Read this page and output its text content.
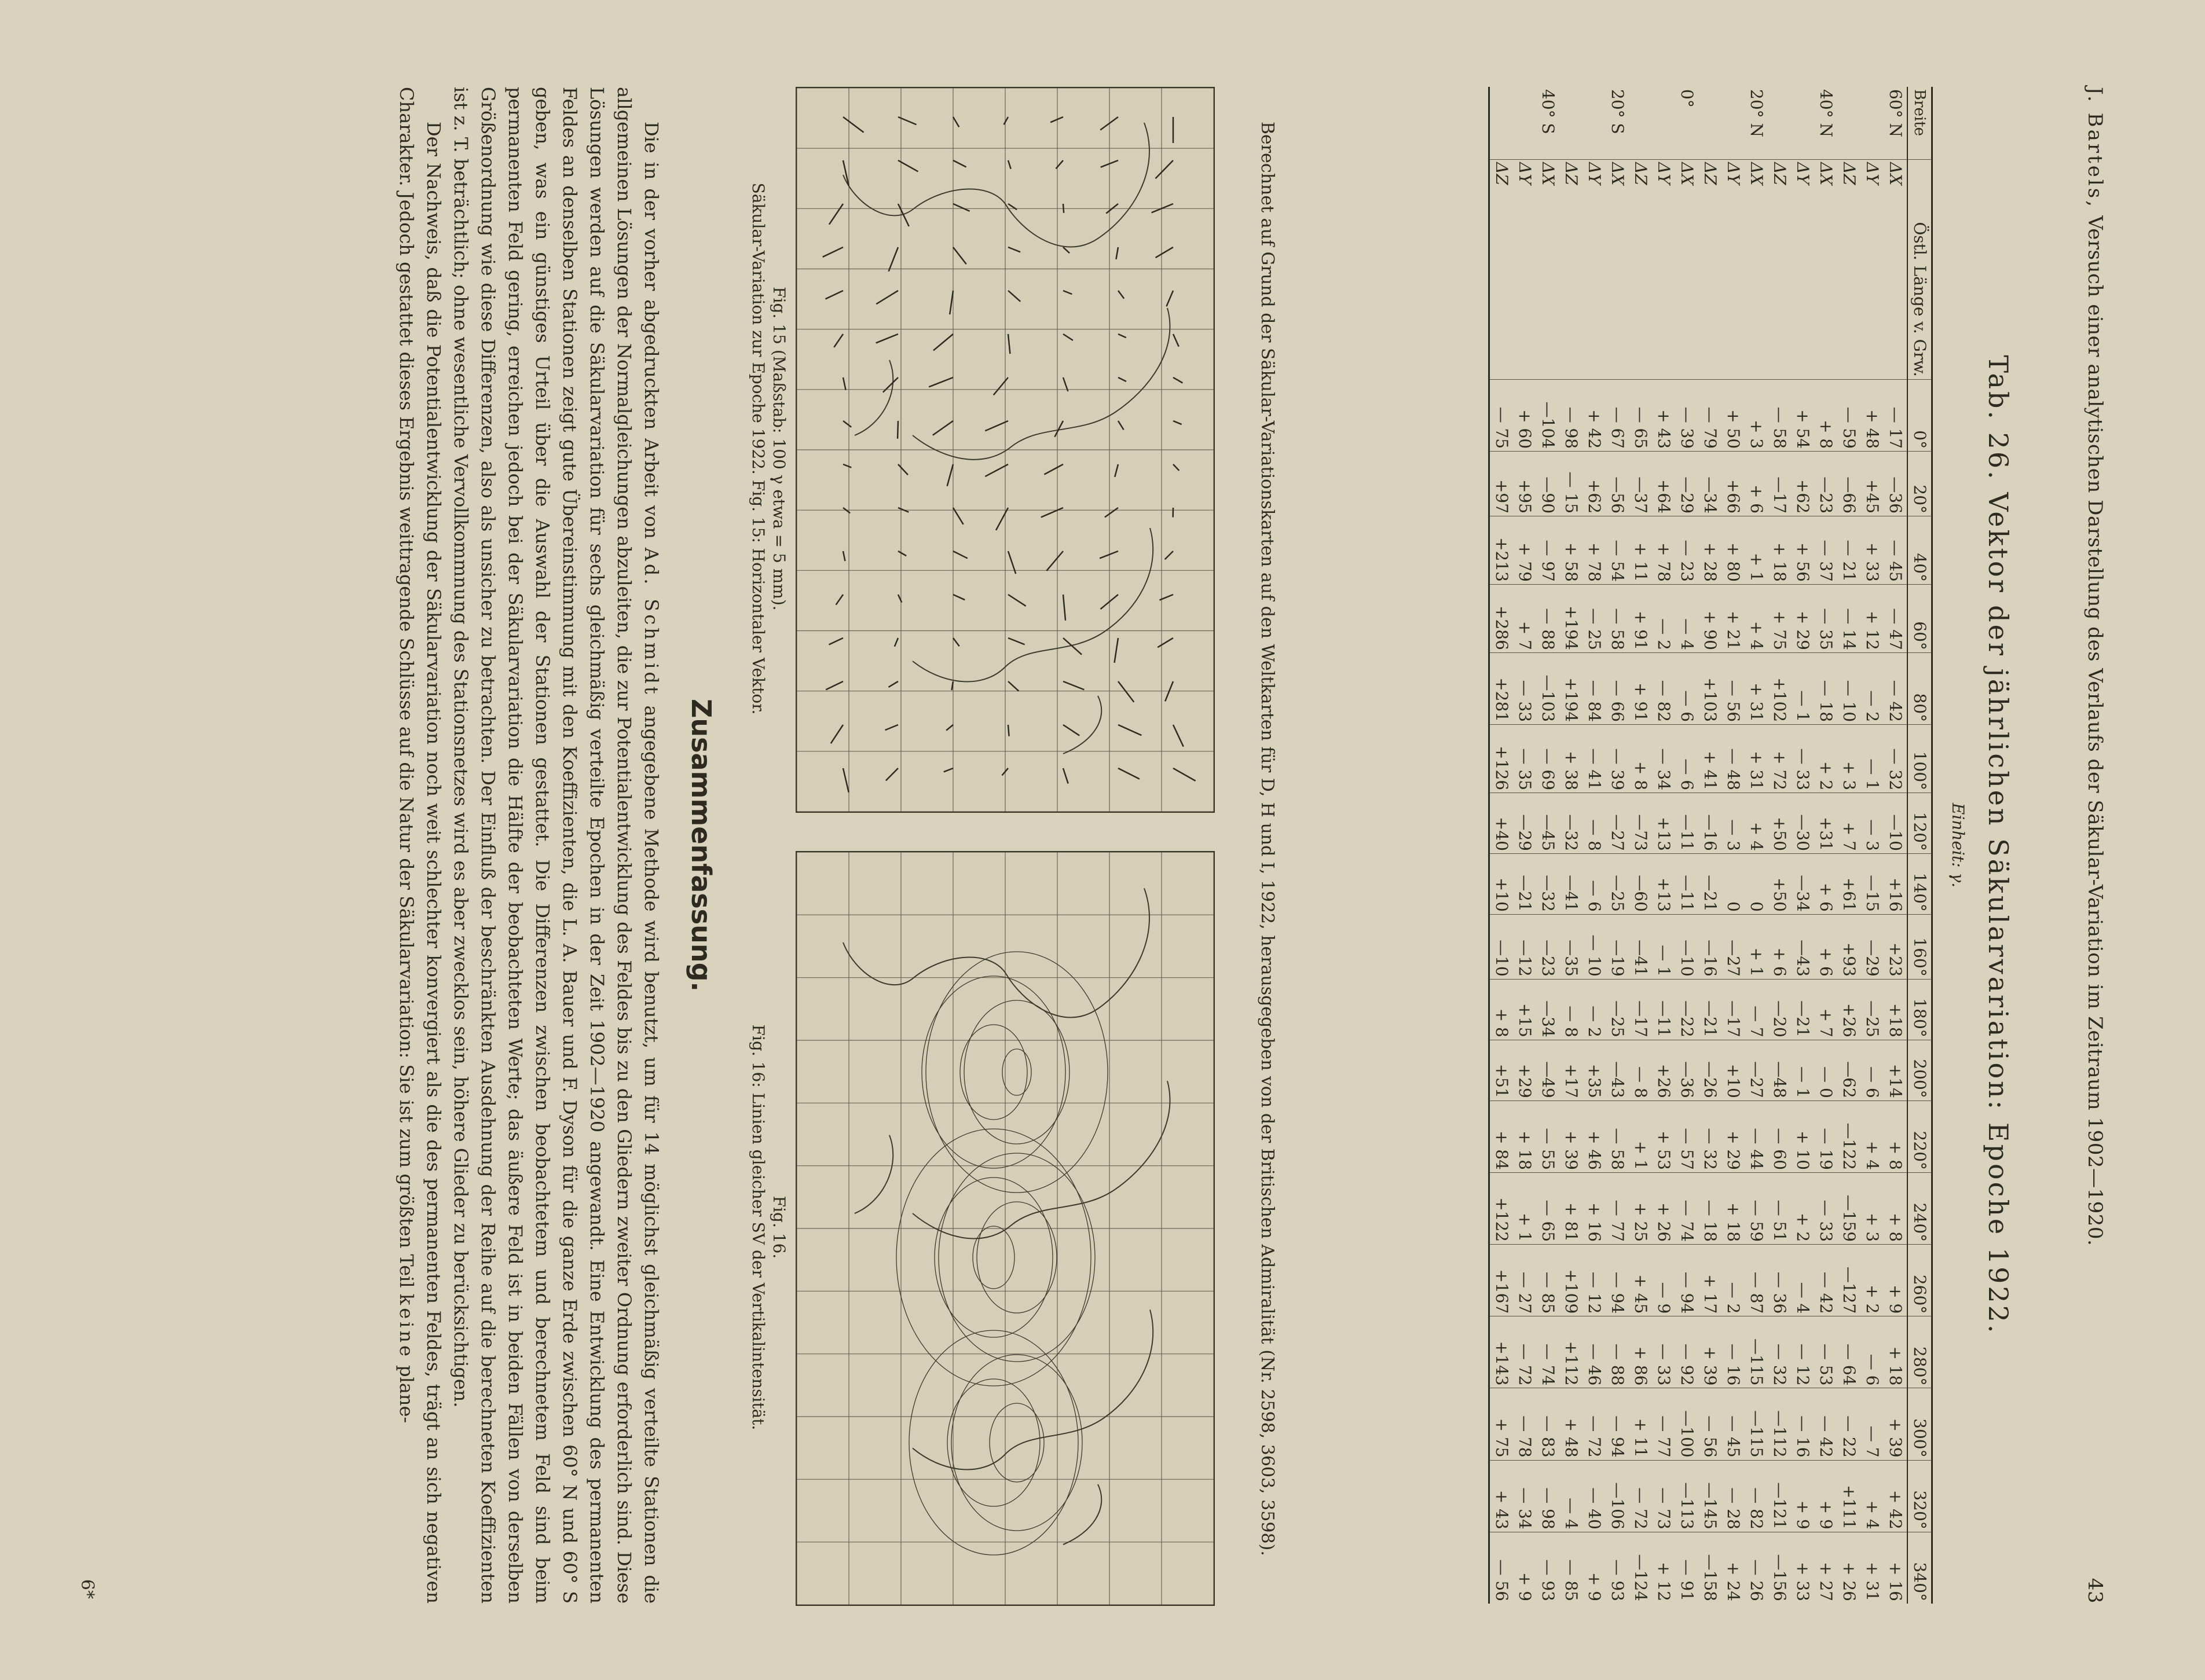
J. Bartels, Versuch einer analytischen Darstellung des Verlaufs der Säkular-Variation im Zeitraum 1902—1920.
43
Tab. 26. Vektor der jährlichen Säkularvariation: Epoche 1922.
Einheit: γ.
Breite	Östl. Länge v. Grw.	0°	20°	40°	60°	80°	100°	120°	140°	160°	180°	200°	220°	240°	260°	280°	300°	320°	340°
60° N	ΔX	— 17	—36	— 45	— 47	— 42	— 32	—10	+16	+23	+18	+14	+ 8	+ 8	+ 9	+ 18	+ 39	+ 42	+ 16
	ΔY	+ 48	+45	+ 33	+ 12	— 2	— 1	— 3	—15	—29	—25	— 6	+ 4	+ 3	+ 2	— 6	— 7	+ 4	+ 31
	ΔZ	— 59	—66	— 21	— 14	— 10	+ 3	+ 7	+61	+93	+26	—62	—122	—159	—127	— 64	— 22	+111	+ 26
40° N	ΔX	+ 8	—23	— 37	— 35	— 18	+ 2	+31	+ 6	+ 6	+ 7	— 0	— 19	— 33	— 42	— 53	— 42	+ 9	+ 27
	ΔY	+ 54	+62	+ 56	+ 29	— 1	— 33	—30	—34	—43	—21	— 1	+ 10	+ 2	— 4	— 12	— 16	+ 9	+ 33
	ΔZ	— 58	—17	+ 18	+ 75	+102	+ 72	+50	+50	+ 6	—20	—48	— 60	— 51	— 36	— 32	—112	—121	—156
20° N	ΔX	+ 3	+ 6	+ 1	+ 4	+ 31	+ 31	+ 4	0	+ 1	— 7	—27	— 44	— 59	— 87	—115	—115	— 82	— 26
	ΔY	+ 50	+66	+ 80	+ 21	— 56	— 48	— 3	0	—27	—17	+10	+ 29	+ 18	— 2	— 16	— 45	— 28	+ 24
	ΔZ	— 79	—34	+ 28	+ 90	+103	+ 41	—16	—21	—16	—21	—26	— 32	— 18	+ 17	+ 39	— 56	—145	—158
0°	ΔX	— 39	—29	— 23	— 4	— 6	— 6	—11	—11	—10	—22	—36	— 57	— 74	— 94	— 92	—100	—113	— 91
	ΔY	+ 43	+64	+ 78	— 2	— 82	— 34	+13	+13	— 1	—11	+26	+ 53	+ 26	— 9	— 33	— 77	— 73	+ 12
	ΔZ	— 65	—37	+ 11	+ 91	+ 91	+ 8	—73	—60	—41	—17	— 8	+ 1	+ 25	+ 45	+ 86	+ 11	— 72	—124
20° S	ΔX	— 67	—56	— 54	— 58	— 66	— 39	—27	—25	—19	—25	—43	— 58	— 77	— 94	— 88	— 94	—106	— 93
	ΔY	+ 42	+62	+ 78	— 25	— 84	— 41	— 8	— 6	— 10	— 2	+35	+ 46	+ 16	— 12	— 46	— 72	— 40	+ 9
	ΔZ	— 98	— 15	+ 58	+194	+194	+ 38	—32	—41	—35	— 8	+17	+ 39	+ 81	+109	+112	+ 48	— 4	— 85
40° S	ΔX	—104	—90	— 97	— 88	—103	— 69	—45	—32	—23	—34	—49	— 55	— 65	— 85	— 74	— 83	— 98	— 93
	ΔY	+ 60	+95	+ 79	+ 7	— 33	— 35	—29	—21	—12	+15	+29	+ 18	+ 1	— 27	— 72	— 78	— 34	+ 9
	ΔZ	— 75	+97	+213	+286	+281	+126	+40	+10	—10	+ 8	+51	+ 84	+122	+167	+143	+ 75	+ 43	— 56
Berechnet auf Grund der Säkular-Variationskarten auf den Weltkarten für D, H und I, 1922, herausgegeben von der Britischen Admiralität (Nr. 2598, 3603, 3598).
Fig. 15 (Maßstab: 100 γ etwa = 5 mm).
Säkular-Variation zur Epoche 1922. Fig. 15: Horizontaler Vektor.
Fig. 16.
Fig. 16: Linien gleicher SV der Vertikalintensität.
Zusammenfassung.

Die in der vorher abgedruckten Arbeit von Ad. Schmidt angegebene Methode wird benutzt, um für 14 möglichst gleichmäßig verteilte Stationen die allgemeinen Lösungen der Normalgleichungen abzuleiten, die zur Potentialentwicklung des Feldes bis zu den Gliedern zweiter Ordnung erforderlich sind. Diese Lösungen werden auf die Säkularvariation für sechs gleichmäßig verteilte Epochen in der Zeit 1902—1920 angewandt. Eine Entwicklung des permanenten Feldes an denselben Stationen zeigt gute Übereinstimmung mit den Koeffizienten, die L. A. Bauer und F. Dyson für die ganze Erde zwischen 60° N und 60° S geben, was ein günstiges Urteil über die Auswahl der Stationen gestattet. Die Differenzen zwischen beobachtetem und berechnetem Feld sind beim permanenten Feld gering, erreichen jedoch bei der Säkularvariation die Hälfte der beobachteten Werte; das äußere Feld ist in beiden Fällen von derselben Größenordnung wie diese Differenzen, also als unsicher zu betrachten. Der Einfluß der beschränkten Ausdehnung der Reihe auf die berechneten Koeffizienten ist z. T. beträchtlich; ohne wesentliche Vervollkommnung des Stationsnetzes wird es aber zwecklos sein, höhere Glieder zu berücksichtigen.

Der Nachweis, daß die Potentialentwicklung der Säkularvariation noch weit schlechter konvergiert als die des permanenten Feldes, trägt an sich negativen Charakter. Jedoch gestattet dieses Ergebnis weittragende Schlüsse auf die Natur der Säkularvariation: Sie ist zum größten Teil keine plane-

6*
